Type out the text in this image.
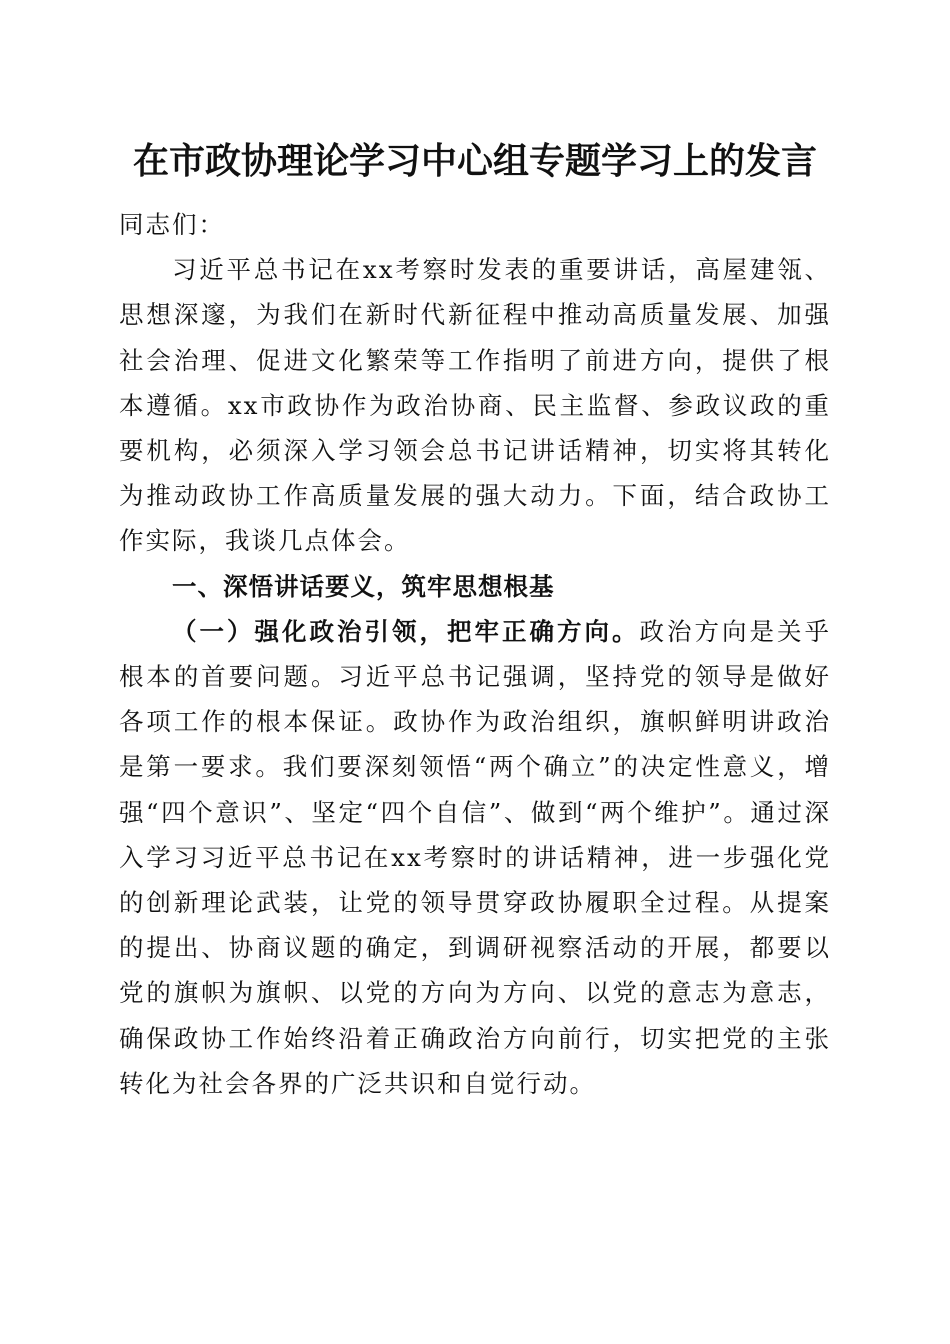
在市政协理论学习中心组专题学习上的发言

同志们：

习近平总书记在xx考察时发表的重要讲话，高屋建瓴、思想深邃，为我们在新时代新征程中推动高质量发展、加强社会治理、促进文化繁荣等工作指明了前进方向，提供了根本遵循。xx市政协作为政治协商、民主监督、参政议政的重要机构，必须深入学习领会总书记讲话精神，切实将其转化为推动政协工作高质量发展的强大动力。下面，结合政协工作实际，我谈几点体会。

一、深悟讲话要义，筑牢思想根基

（一）强化政治引领，把牢正确方向。政治方向是关乎根本的首要问题。习近平总书记强调，坚持党的领导是做好各项工作的根本保证。政协作为政治组织，旗帜鲜明讲政治是第一要求。我们要深刻领悟“两个确立”的决定性意义，增强“四个意识”、坚定“四个自信”、做到“两个维护”。通过深入学习习近平总书记在xx考察时的讲话精神，进一步强化党的创新理论武装，让党的领导贯穿政协履职全过程。从提案的提出、协商议题的确定，到调研视察活动的开展，都要以党的旗帜为旗帜、以党的方向为方向、以党的意志为意志，确保政协工作始终沿着正确政治方向前行，切实把党的主张转化为社会各界的广泛共识和自觉行动。
